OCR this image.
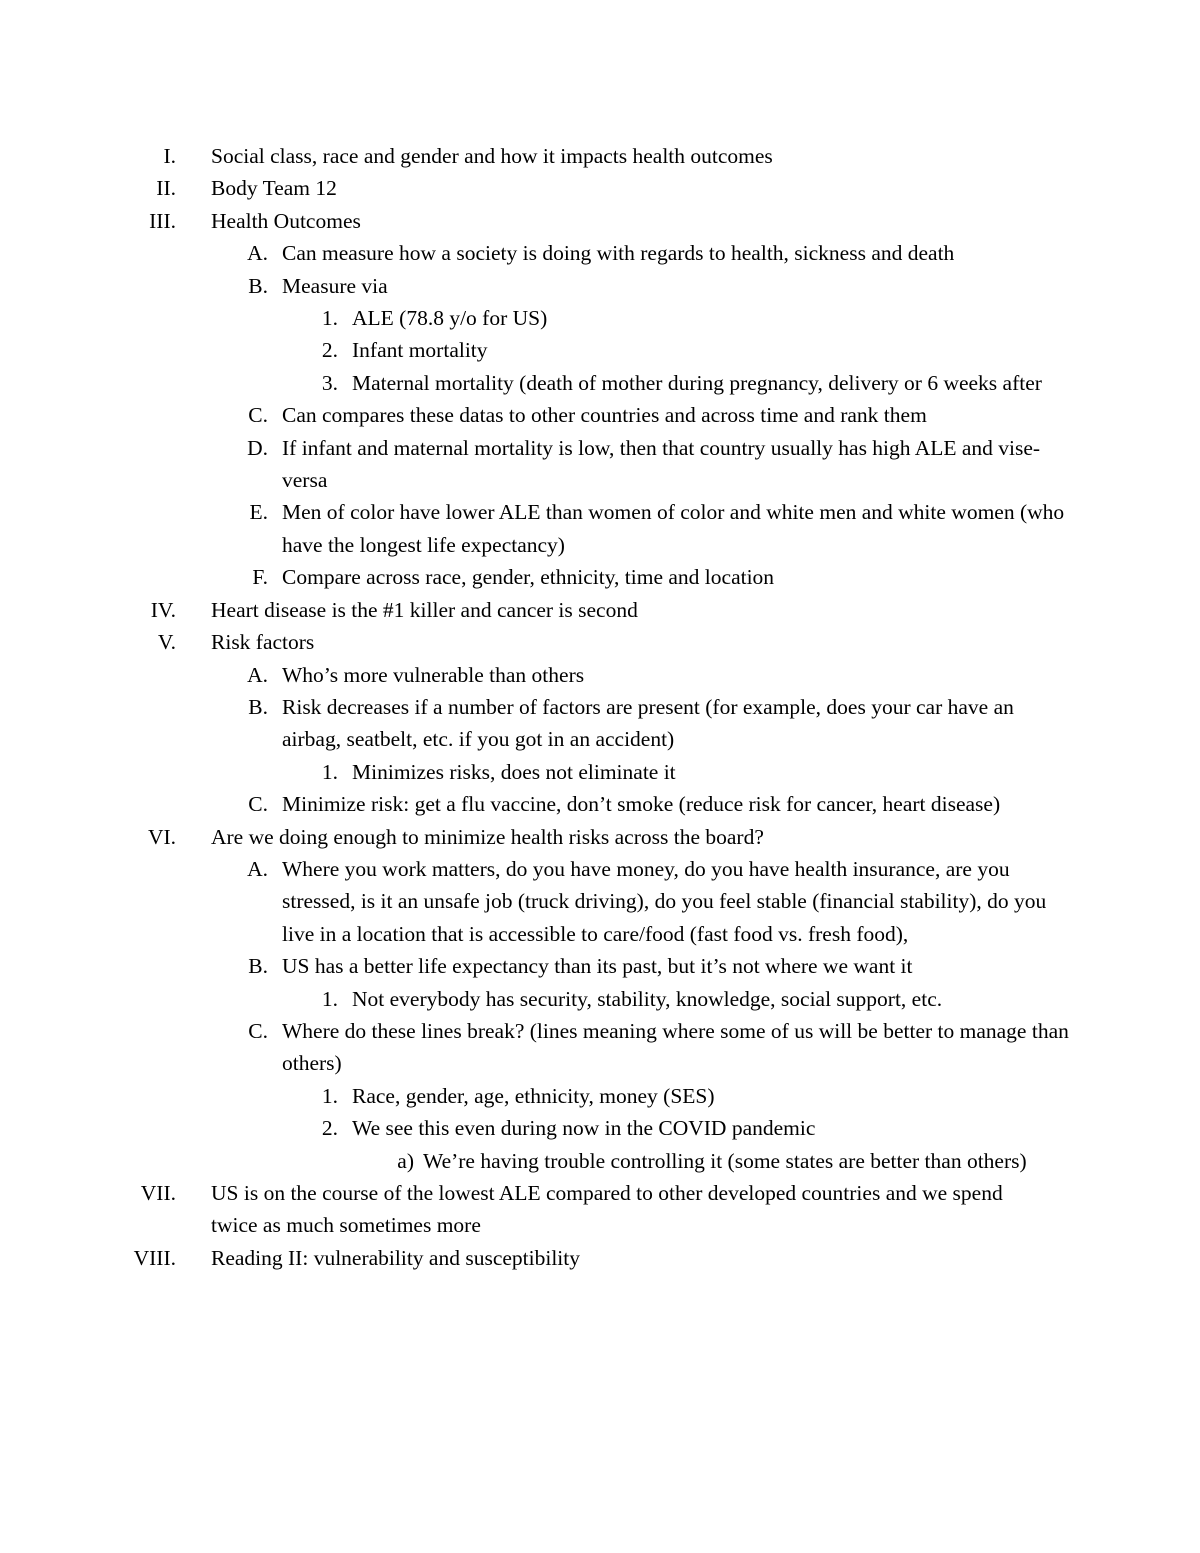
I. Social class, race and gender and how it impacts health outcomes
II. Body Team 12
III. Health Outcomes
A. Can measure how a society is doing with regards to health, sickness and death
B. Measure via
1. ALE (78.8 y/o for US)
2. Infant mortality
3. Maternal mortality (death of mother during pregnancy, delivery or 6 weeks after
C. Can compares these datas to other countries and across time and rank them
D. If infant and maternal mortality is low, then that country usually has high ALE and vise-versa
E. Men of color have lower ALE than women of color and white men and white women (who have the longest life expectancy)
F. Compare across race, gender, ethnicity, time and location
IV. Heart disease is the #1 killer and cancer is second
V. Risk factors
A. Who’s more vulnerable than others
B. Risk decreases if a number of factors are present (for example, does your car have an airbag, seatbelt, etc. if you got in an accident)
1. Minimizes risks, does not eliminate it
C. Minimize risk: get a flu vaccine, don’t smoke (reduce risk for cancer, heart disease)
VI. Are we doing enough to minimize health risks across the board?
A. Where you work matters, do you have money, do you have health insurance, are you stressed, is it an unsafe job (truck driving), do you feel stable (financial stability), do you live in a location that is accessible to care/food (fast food vs. fresh food),
B. US has a better life expectancy than its past, but it’s not where we want it
1. Not everybody has security, stability, knowledge, social support, etc.
C. Where do these lines break? (lines meaning where some of us will be better to manage than others)
1. Race, gender, age, ethnicity, money (SES)
2. We see this even during now in the COVID pandemic
a) We’re having trouble controlling it (some states are better than others)
VII. US is on the course of the lowest ALE compared to other developed countries and we spend twice as much sometimes more
VIII. Reading II: vulnerability and susceptibility
